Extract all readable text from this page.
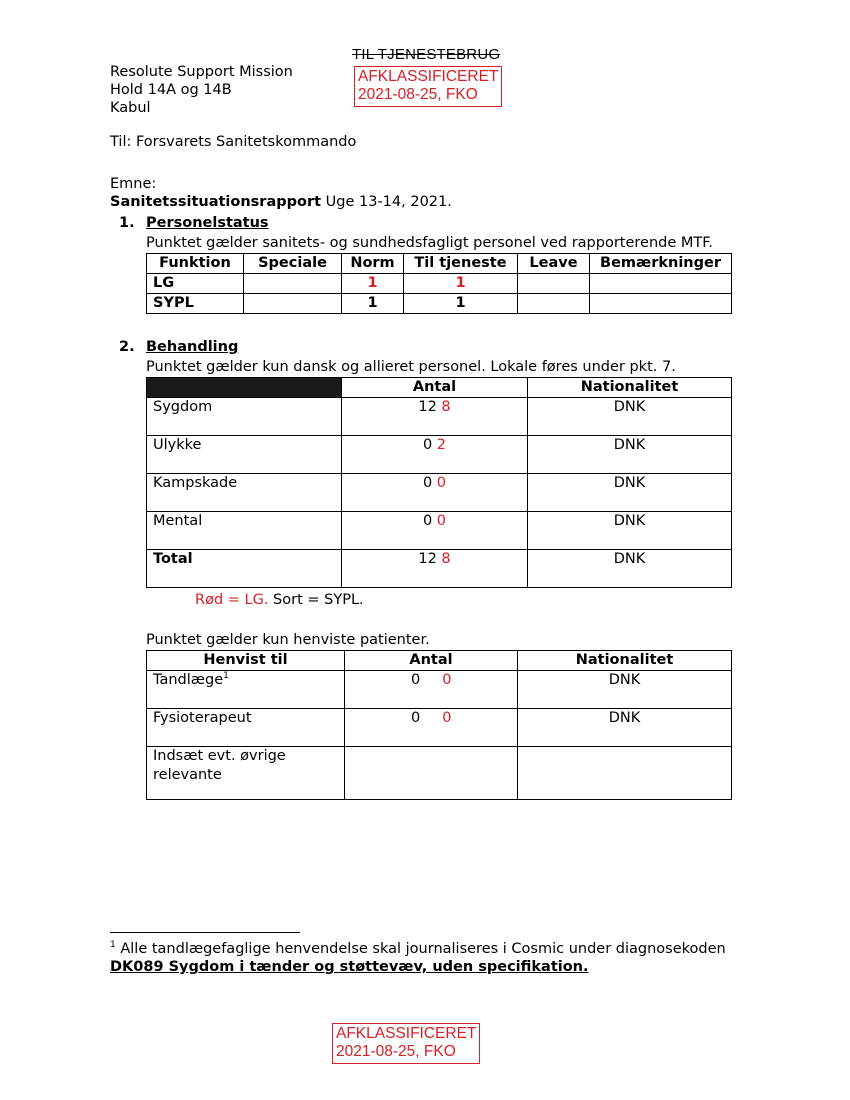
TIL TJENESTEBRUG
AFKLASSIFICERET
2021-08-25, FKO
Resolute Support Mission
Hold 14A og 14B
Kabul
Til: Forsvarets Sanitetskommando
Emne:
Sanitetssituationsrapport Uge 13-14, 2021.
1. Personelstatus
Punktet gælder sanitets- og sundhedsfagligt personel ved rapporterende MTF.
Funktion	Speciale	Norm	Til tjeneste	Leave	Bemærkninger
LG		1	1		
SYPL		1	1		
2. Behandling
Punktet gælder kun dansk og allieret personel. Lokale føres under pkt. 7.
	Antal	Nationalitet
Sygdom	12 8	DNK
Ulykke	0 2	DNK
Kampskade	0 0	DNK
Mental	0 0	DNK
Total	12 8	DNK
Rød = LG. Sort = SYPL.
Punktet gælder kun henviste patienter.
Henvist til	Antal	Nationalitet
Tandlæge$^1$	0 0	DNK
Fysioterapeut	0 0	DNK

Indsæt evt. øvrige
relevante		

$^1$ Alle tandlægefaglige henvendelse skal journaliseres i Cosmic under diagnosekoden
DK089 Sygdom i tænder og støttevæv, uden specifikation.
AFKLASSIFICERET
2021-08-25, FKO
